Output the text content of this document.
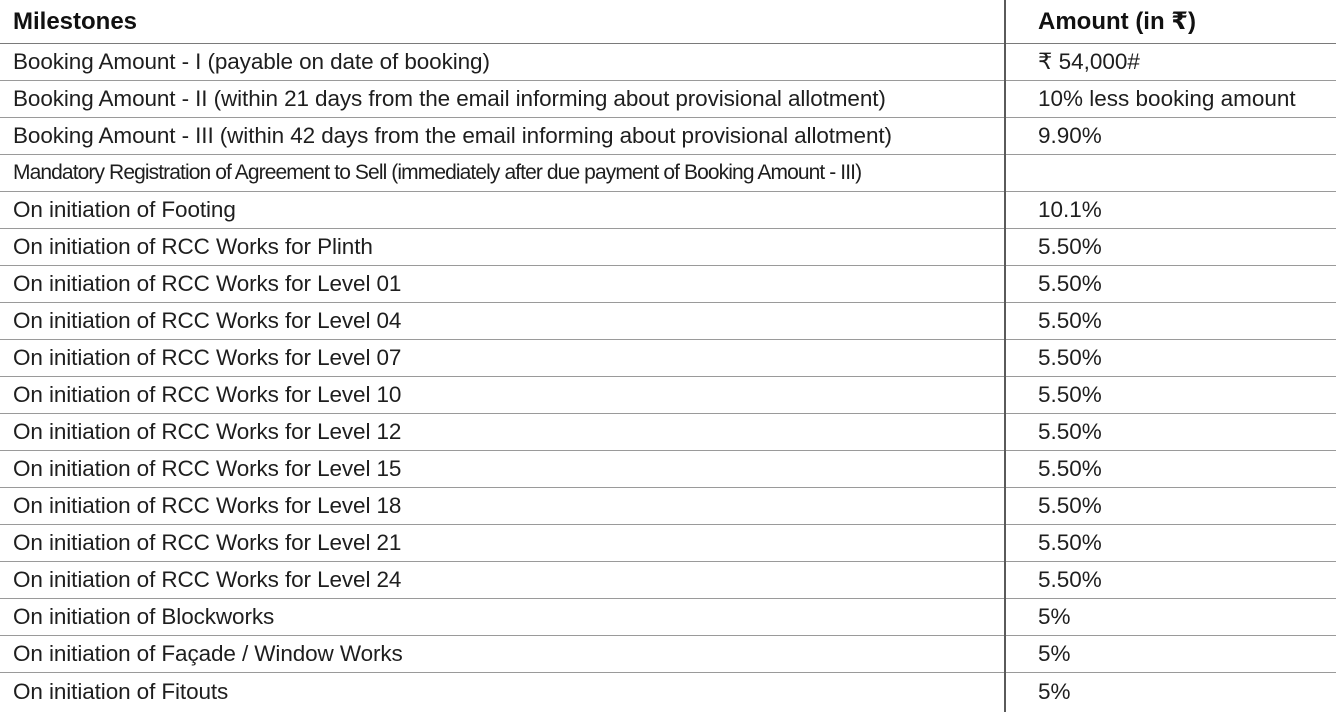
Milestones	Amount (in ₹)
Booking Amount - I (payable on date of booking)	₹ 54,000#
Booking Amount - II (within 21 days from the email informing about provisional allotment)	10% less booking amount
Booking Amount - III (within 42 days from the email informing about provisional allotment)	9.90%
Mandatory Registration of Agreement to Sell (immediately after due payment of Booking Amount - III)
On initiation of Footing	10.1%
On initiation of RCC Works for Plinth	5.50%
On initiation of RCC Works for Level 01	5.50%
On initiation of RCC Works for Level 04	5.50%
On initiation of RCC Works for Level 07	5.50%
On initiation of RCC Works for Level 10	5.50%
On initiation of RCC Works for Level 12	5.50%
On initiation of RCC Works for Level 15	5.50%
On initiation of RCC Works for Level 18	5.50%
On initiation of RCC Works for Level 21	5.50%
On initiation of RCC Works for Level 24	5.50%
On initiation of Blockworks	5%
On initiation of Façade / Window Works	5%
On initiation of Fitouts	5%
